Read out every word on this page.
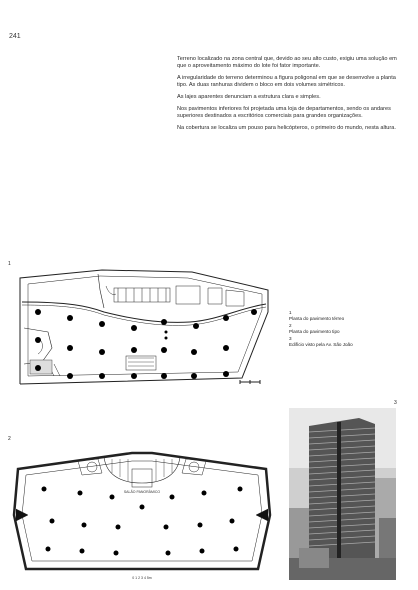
241

Terreno localizado na zona central que, devido ao seu alto custo, exigiu uma solução em que o aproveitamento máximo do lote foi fator importante.

A irregularidade do terreno determinou a figura poligonal em que se desenvolve a planta tipo. As duas ranhuras dividem o bloco em dois volumes simétricos.

As lajes aparentes denunciam a estrutura clara e simples.

Nos pavimentos inferiores foi projetada uma loja de departamentos, sendo os andares superiores destinados a escritórios comerciais para grandes organizações.

Na cobertura se localiza um pouso para helicópteros, o primeiro do mundo, nesta altura.

1
1
Planta do pavimento térreo
2
Planta do pavimento tipo
3
Edifício visto pela Av. São João
2
SALÃO PANORÂMICO
0 1 2 3 4 5m
3
